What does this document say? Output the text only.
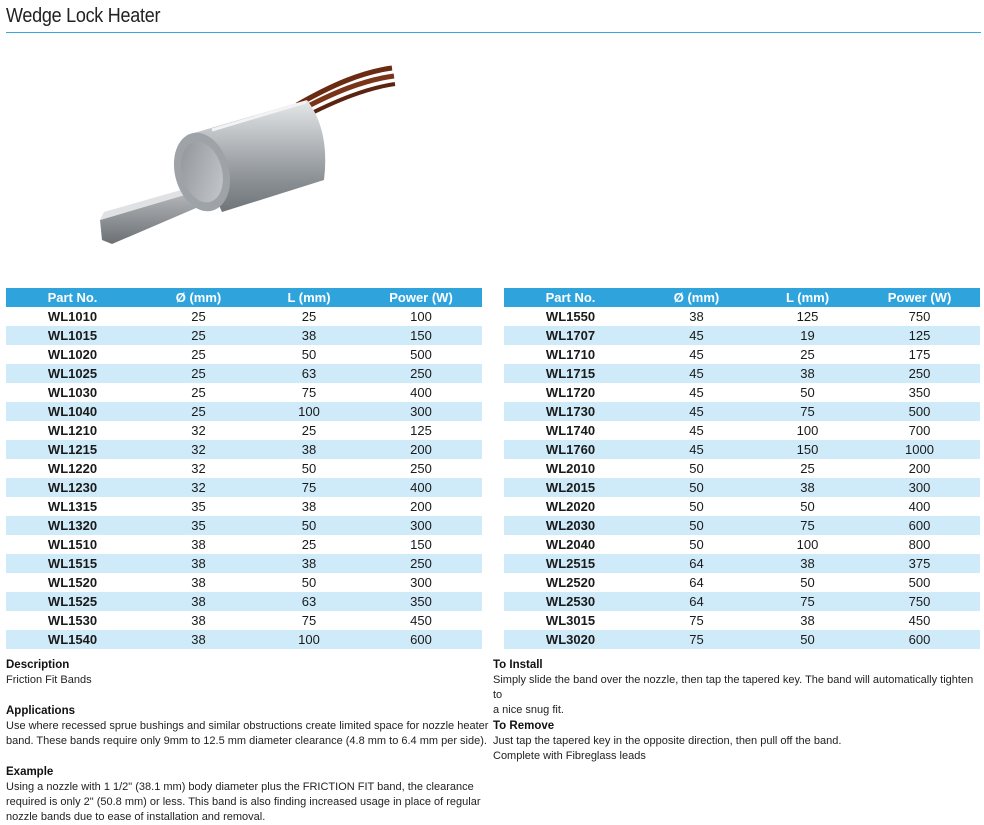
Wedge Lock Heater
Part No.	Ø (mm)	L (mm)	Power (W)
WL1010	25	25	100
WL1015	25	38	150
WL1020	25	50	500
WL1025	25	63	250
WL1030	25	75	400
WL1040	25	100	300
WL1210	32	25	125
WL1215	32	38	200
WL1220	32	50	250
WL1230	32	75	400
WL1315	35	38	200
WL1320	35	50	300
WL1510	38	25	150
WL1515	38	38	250
WL1520	38	50	300
WL1525	38	63	350
WL1530	38	75	450
WL1540	38	100	600
Part No.	Ø (mm)	L (mm)	Power (W)
WL1550	38	125	750
WL1707	45	19	125
WL1710	45	25	175
WL1715	45	38	250
WL1720	45	50	350
WL1730	45	75	500
WL1740	45	100	700
WL1760	45	150	1000
WL2010	50	25	200
WL2015	50	38	300
WL2020	50	50	400
WL2030	50	75	600
WL2040	50	100	800
WL2515	64	38	375
WL2520	64	50	500
WL2530	64	75	750
WL3015	75	38	450
WL3020	75	50	600
Description

Friction Fit Bands

Applications

Use where recessed sprue bushings and similar obstructions create limited space for nozzle heater

band. These bands require only 9mm to 12.5 mm diameter clearance (4.8 mm to 6.4 mm per side).

Example

Using a nozzle with 1 1/2" (38.1 mm) body diameter plus the FRICTION FIT band, the clearance

required is only 2" (50.8 mm) or less. This band is also finding increased usage in place of regular

nozzle bands due to ease of installation and removal.

To Install

Simply slide the band over the nozzle, then tap the tapered key. The band will automatically tighten to

a nice snug fit.

To Remove

Just tap the tapered key in the opposite direction, then pull off the band.

Complete with Fibreglass leads
